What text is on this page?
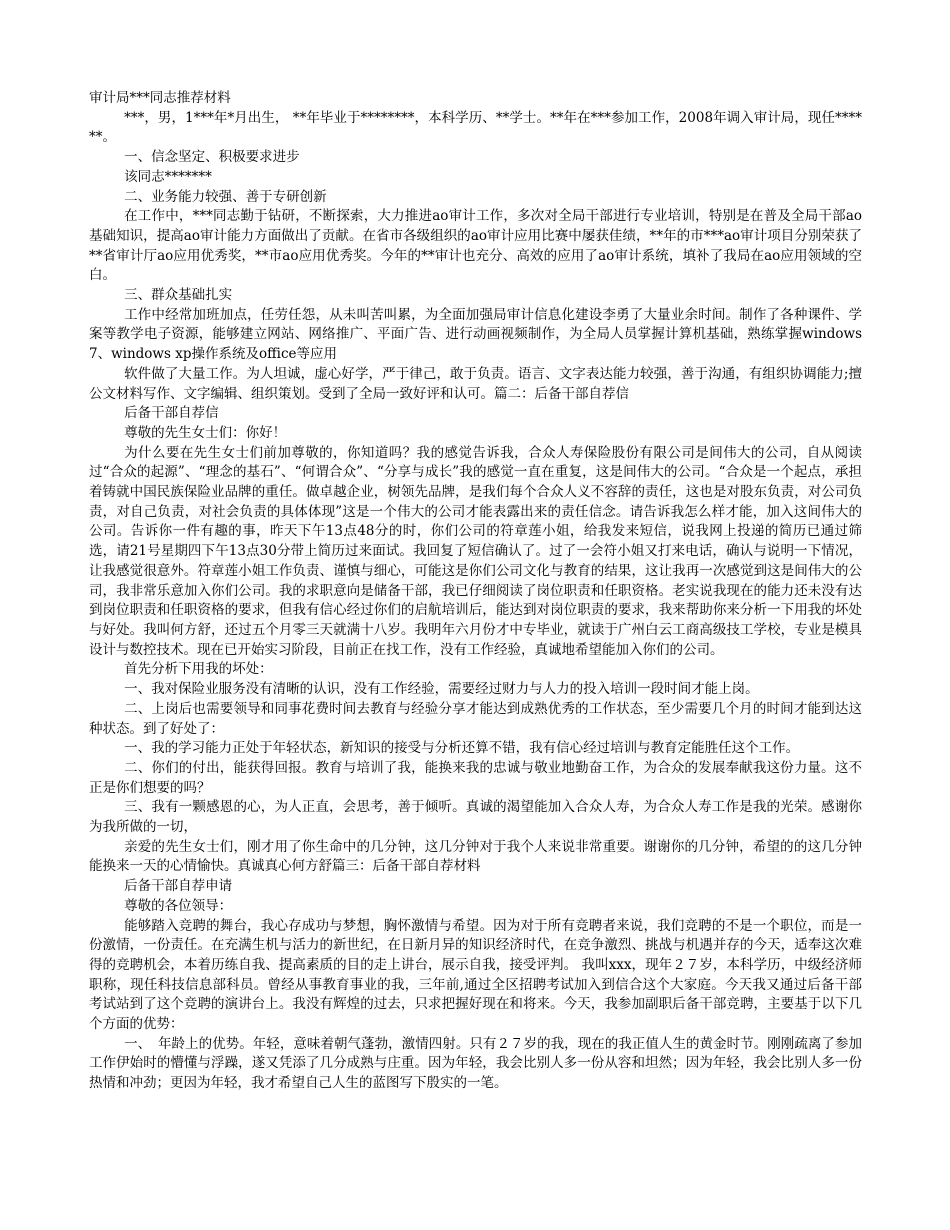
审计局***同志推荐材料

***，男，1***年*月出生， **年毕业于********，本科学历、**学士。**年在***参加工作，2008年调入审计局，现任******。

一、信念坚定、积极要求进步

该同志*******

二、业务能力较强、善于专研创新

在工作中，***同志勤于钻研，不断探索，大力推进ao审计工作，多次对全局干部进行专业培训，特别是在普及全局干部ao基础知识，提高ao审计能力方面做出了贡献。在省市各级组织的ao审计应用比赛中屡获佳绩，**年的市***ao审计项目分别荣获了**省审计厅ao应用优秀奖，**市ao应用优秀奖。今年的**审计也充分、高效的应用了ao审计系统，填补了我局在ao应用领域的空白。

三、群众基础扎实

工作中经常加班加点，任劳任怨，从未叫苦叫累，为全面加强局审计信息化建设李勇了大量业余时间。制作了各种课件、学案等教学电子资源，能够建立网站、网络推广、平面广告、进行动画视频制作，为全局人员掌握计算机基础，熟练掌握windows 7、windows xp操作系统及office等应用

软件做了大量工作。为人坦诚，虚心好学，严于律己，敢于负责。语言、文字表达能力较强，善于沟通，有组织协调能力;擅公文材料写作、文字编辑、组织策划。受到了全局一致好评和认可。篇二：后备干部自荐信

后备干部自荐信

尊敬的先生女士们：你好！

为什么要在先生女士们前加尊敬的，你知道吗？我的感觉告诉我，合众人寿保险股份有限公司是间伟大的公司，自从阅读过“合众的起源”、“理念的基石”、“何谓合众”、“分享与成长”我的感觉一直在重复，这是间伟大的公司。“合众是一个起点，承担着铸就中国民族保险业品牌的重任。做卓越企业，树领先品牌，是我们每个合众人义不容辞的责任，这也是对股东负责，对公司负责，对自己负责，对社会负责的具体体现”这是一个伟大的公司才能表露出来的责任信念。请告诉我怎么样才能，加入这间伟大的公司。告诉你一件有趣的事，昨天下午13点48分的时，你们公司的符章莲小姐，给我发来短信，说我网上投递的简历已通过筛选，请21号星期四下午13点30分带上简历过来面试。我回复了短信确认了。过了一会符小姐又打来电话，确认与说明一下情况，让我感觉很意外。符章莲小姐工作负责、谨慎与细心，可能这是你们公司文化与教育的结果，这让我再一次感觉到这是间伟大的公司，我非常乐意加入你们公司。我的求职意向是储备干部，我已仔细阅读了岗位职责和任职资格。老实说我现在的能力还未没有达到岗位职责和任职资格的要求，但我有信心经过你们的启航培训后，能达到对岗位职责的要求，我来帮助你来分析一下用我的坏处与好处。我叫何方舒，还过五个月零三天就满十八岁。我明年六月份才中专毕业，就读于广州白云工商高级技工学校，专业是模具设计与数控技术。现在已开始实习阶段，目前正在找工作，没有工作经验，真诚地希望能加入你们的公司。

首先分析下用我的坏处：

一、我对保险业服务没有清晰的认识，没有工作经验，需要经过财力与人力的投入培训一段时间才能上岗。

二、上岗后也需要领导和同事花费时间去教育与经验分享才能达到成熟优秀的工作状态，至少需要几个月的时间才能到达这种状态。到了好处了：

一、我的学习能力正处于年轻状态，新知识的接受与分析还算不错，我有信心经过培训与教育定能胜任这个工作。

二、你们的付出，能获得回报。教育与培训了我，能换来我的忠诚与敬业地勤奋工作，为合众的发展奉献我这份力量。这不正是你们想要的吗？

三、我有一颗感恩的心，为人正直，会思考，善于倾听。真诚的渴望能加入合众人寿，为合众人寿工作是我的光荣。感谢你为我所做的一切，

亲爱的先生女士们，刚才用了你生命中的几分钟，这几分钟对于我个人来说非常重要。谢谢你的几分钟，希望的的这几分钟能换来一天的心情愉快。真诚真心何方舒篇三：后备干部自荐材料

后备干部自荐申请

尊敬的各位领导：

能够踏入竞聘的舞台，我心存成功与梦想，胸怀激情与希望。因为对于所有竞聘者来说，我们竞聘的不是一个职位，而是一份激情，一份责任。在充满生机与活力的新世纪，在日新月异的知识经济时代，在竞争激烈、挑战与机遇并存的今天，适奉这次难得的竞聘机会，本着历练自我、提高素质的目的走上讲台，展示自我，接受评判。 我叫xxx，现年２７岁，本科学历，中级经济师职称，现任科技信息部科员。曾经从事教育事业的我，三年前,通过全区招聘考试加入到信合这个大家庭。今天我又通过后备干部考试站到了这个竞聘的演讲台上。我没有辉煌的过去，只求把握好现在和将来。今天，我参加副职后备干部竞聘，主要基于以下几个方面的优势：

一、　年龄上的优势。年轻，意味着朝气蓬勃，激情四射。只有２７岁的我，现在的我正值人生的黄金时节。刚刚疏离了参加工作伊始时的懵懂与浮躁，遂又凭添了几分成熟与庄重。因为年轻，我会比别人多一份从容和坦然；因为年轻，我会比别人多一份热情和冲劲；更因为年轻，我才希望自己人生的蓝图写下殷实的一笔。
